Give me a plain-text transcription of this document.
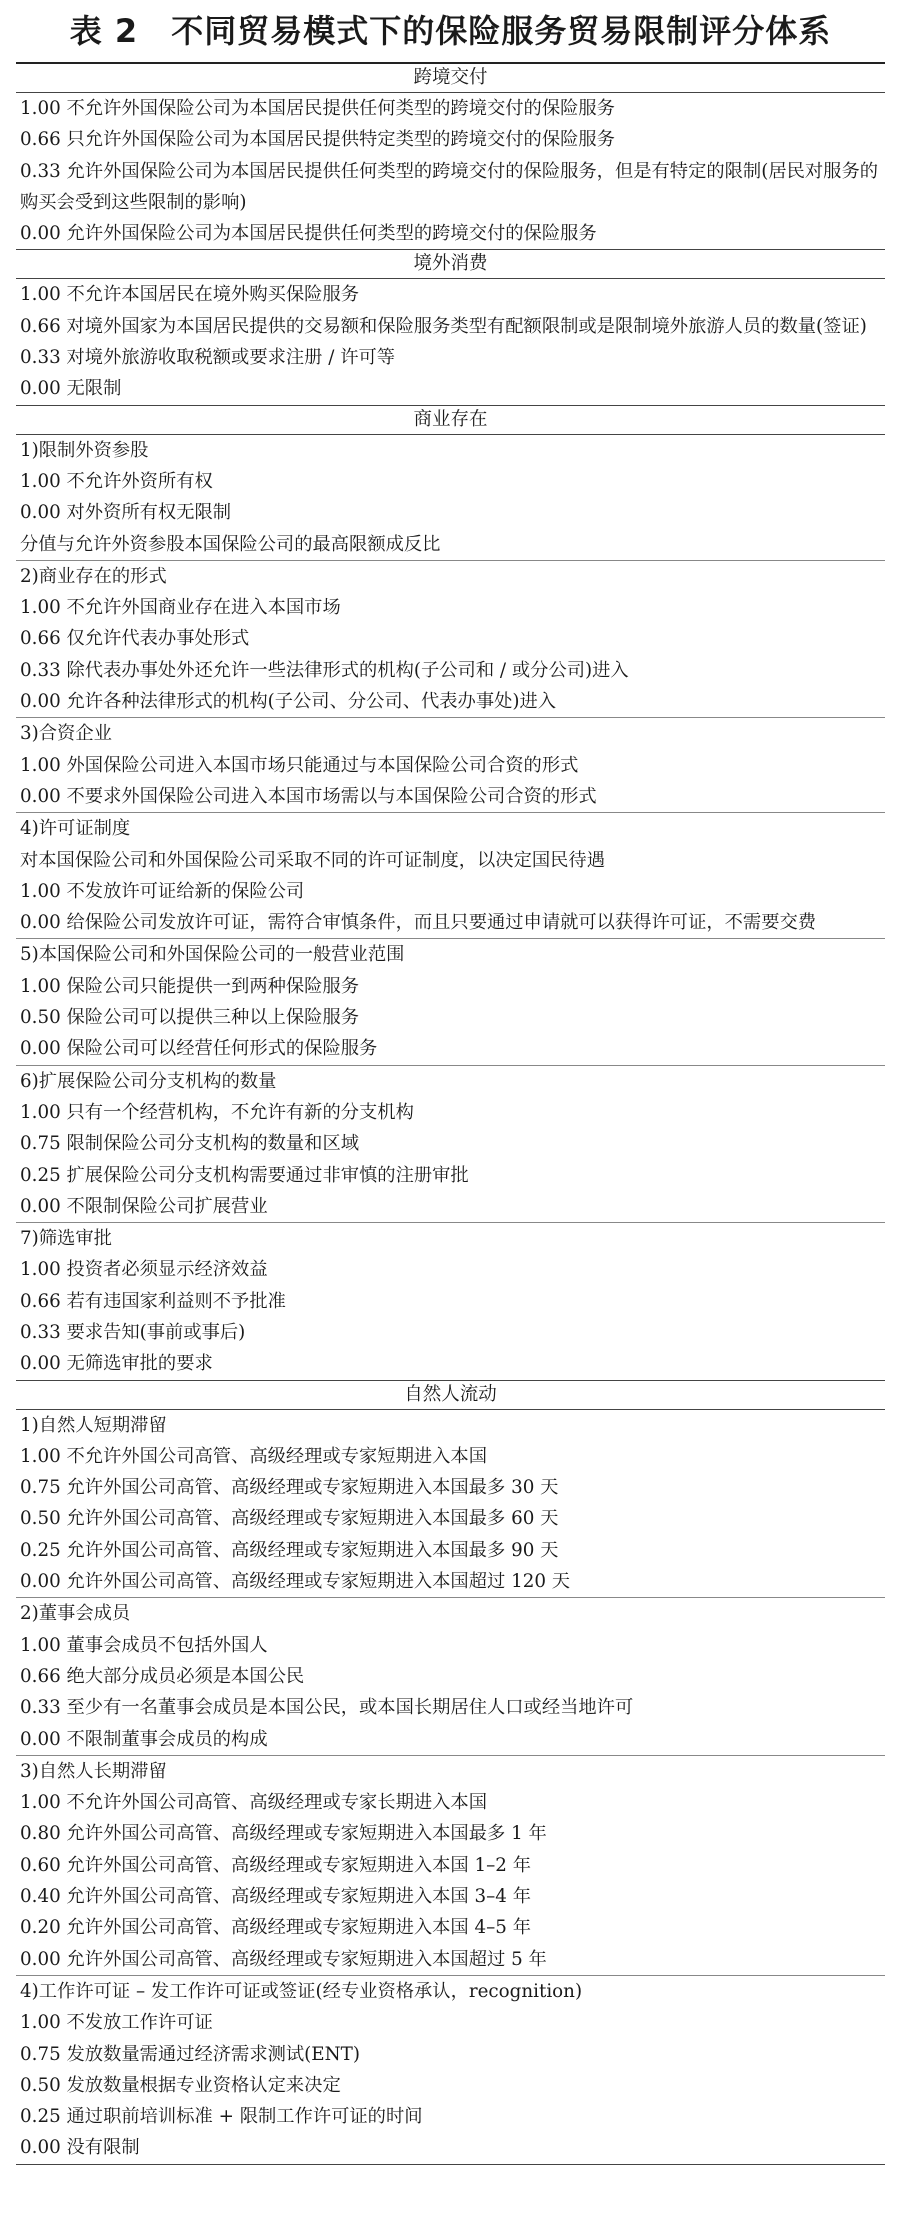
表 2　不同贸易模式下的保险服务贸易限制评分体系
跨境交付
1.00 不允许外国保险公司为本国居民提供任何类型的跨境交付的保险服务
0.66 只允许外国保险公司为本国居民提供特定类型的跨境交付的保险服务
0.33 允许外国保险公司为本国居民提供任何类型的跨境交付的保险服务，但是有特定的限制(居民对服务的购买会受到这些限制的影响)
0.00 允许外国保险公司为本国居民提供任何类型的跨境交付的保险服务
境外消费
1.00 不允许本国居民在境外购买保险服务
0.66 对境外国家为本国居民提供的交易额和保险服务类型有配额限制或是限制境外旅游人员的数量(签证)
0.33 对境外旅游收取税额或要求注册 / 许可等
0.00 无限制
商业存在
1)限制外资参股
1.00 不允许外资所有权
0.00 对外资所有权无限制
分值与允许外资参股本国保险公司的最高限额成反比
2)商业存在的形式
1.00 不允许外国商业存在进入本国市场
0.66 仅允许代表办事处形式
0.33 除代表办事处外还允许一些法律形式的机构(子公司和 / 或分公司)进入
0.00 允许各种法律形式的机构(子公司、分公司、代表办事处)进入
3)合资企业
1.00 外国保险公司进入本国市场只能通过与本国保险公司合资的形式
0.00 不要求外国保险公司进入本国市场需以与本国保险公司合资的形式
4)许可证制度
对本国保险公司和外国保险公司采取不同的许可证制度，以决定国民待遇
1.00 不发放许可证给新的保险公司
0.00 给保险公司发放许可证，需符合审慎条件，而且只要通过申请就可以获得许可证，不需要交费
5)本国保险公司和外国保险公司的一般营业范围
1.00 保险公司只能提供一到两种保险服务
0.50 保险公司可以提供三种以上保险服务
0.00 保险公司可以经营任何形式的保险服务
6)扩展保险公司分支机构的数量
1.00 只有一个经营机构，不允许有新的分支机构
0.75 限制保险公司分支机构的数量和区域
0.25 扩展保险公司分支机构需要通过非审慎的注册审批
0.00 不限制保险公司扩展营业
7)筛选审批
1.00 投资者必须显示经济效益
0.66 若有违国家利益则不予批准
0.33 要求告知(事前或事后)
0.00 无筛选审批的要求
自然人流动
1)自然人短期滞留
1.00 不允许外国公司高管、高级经理或专家短期进入本国
0.75 允许外国公司高管、高级经理或专家短期进入本国最多 30 天
0.50 允许外国公司高管、高级经理或专家短期进入本国最多 60 天
0.25 允许外国公司高管、高级经理或专家短期进入本国最多 90 天
0.00 允许外国公司高管、高级经理或专家短期进入本国超过 120 天
2)董事会成员
1.00 董事会成员不包括外国人
0.66 绝大部分成员必须是本国公民
0.33 至少有一名董事会成员是本国公民，或本国长期居住人口或经当地许可
0.00 不限制董事会成员的构成
3)自然人长期滞留
1.00 不允许外国公司高管、高级经理或专家长期进入本国
0.80 允许外国公司高管、高级经理或专家短期进入本国最多 1 年
0.60 允许外国公司高管、高级经理或专家短期进入本国 1–2 年
0.40 允许外国公司高管、高级经理或专家短期进入本国 3–4 年
0.20 允许外国公司高管、高级经理或专家短期进入本国 4–5 年
0.00 允许外国公司高管、高级经理或专家短期进入本国超过 5 年
4)工作许可证 – 发工作许可证或签证(经专业资格承认，recognition)
1.00 不发放工作许可证
0.75 发放数量需通过经济需求测试(ENT)
0.50 发放数量根据专业资格认定来决定
0.25 通过职前培训标准 + 限制工作许可证的时间
0.00 没有限制
